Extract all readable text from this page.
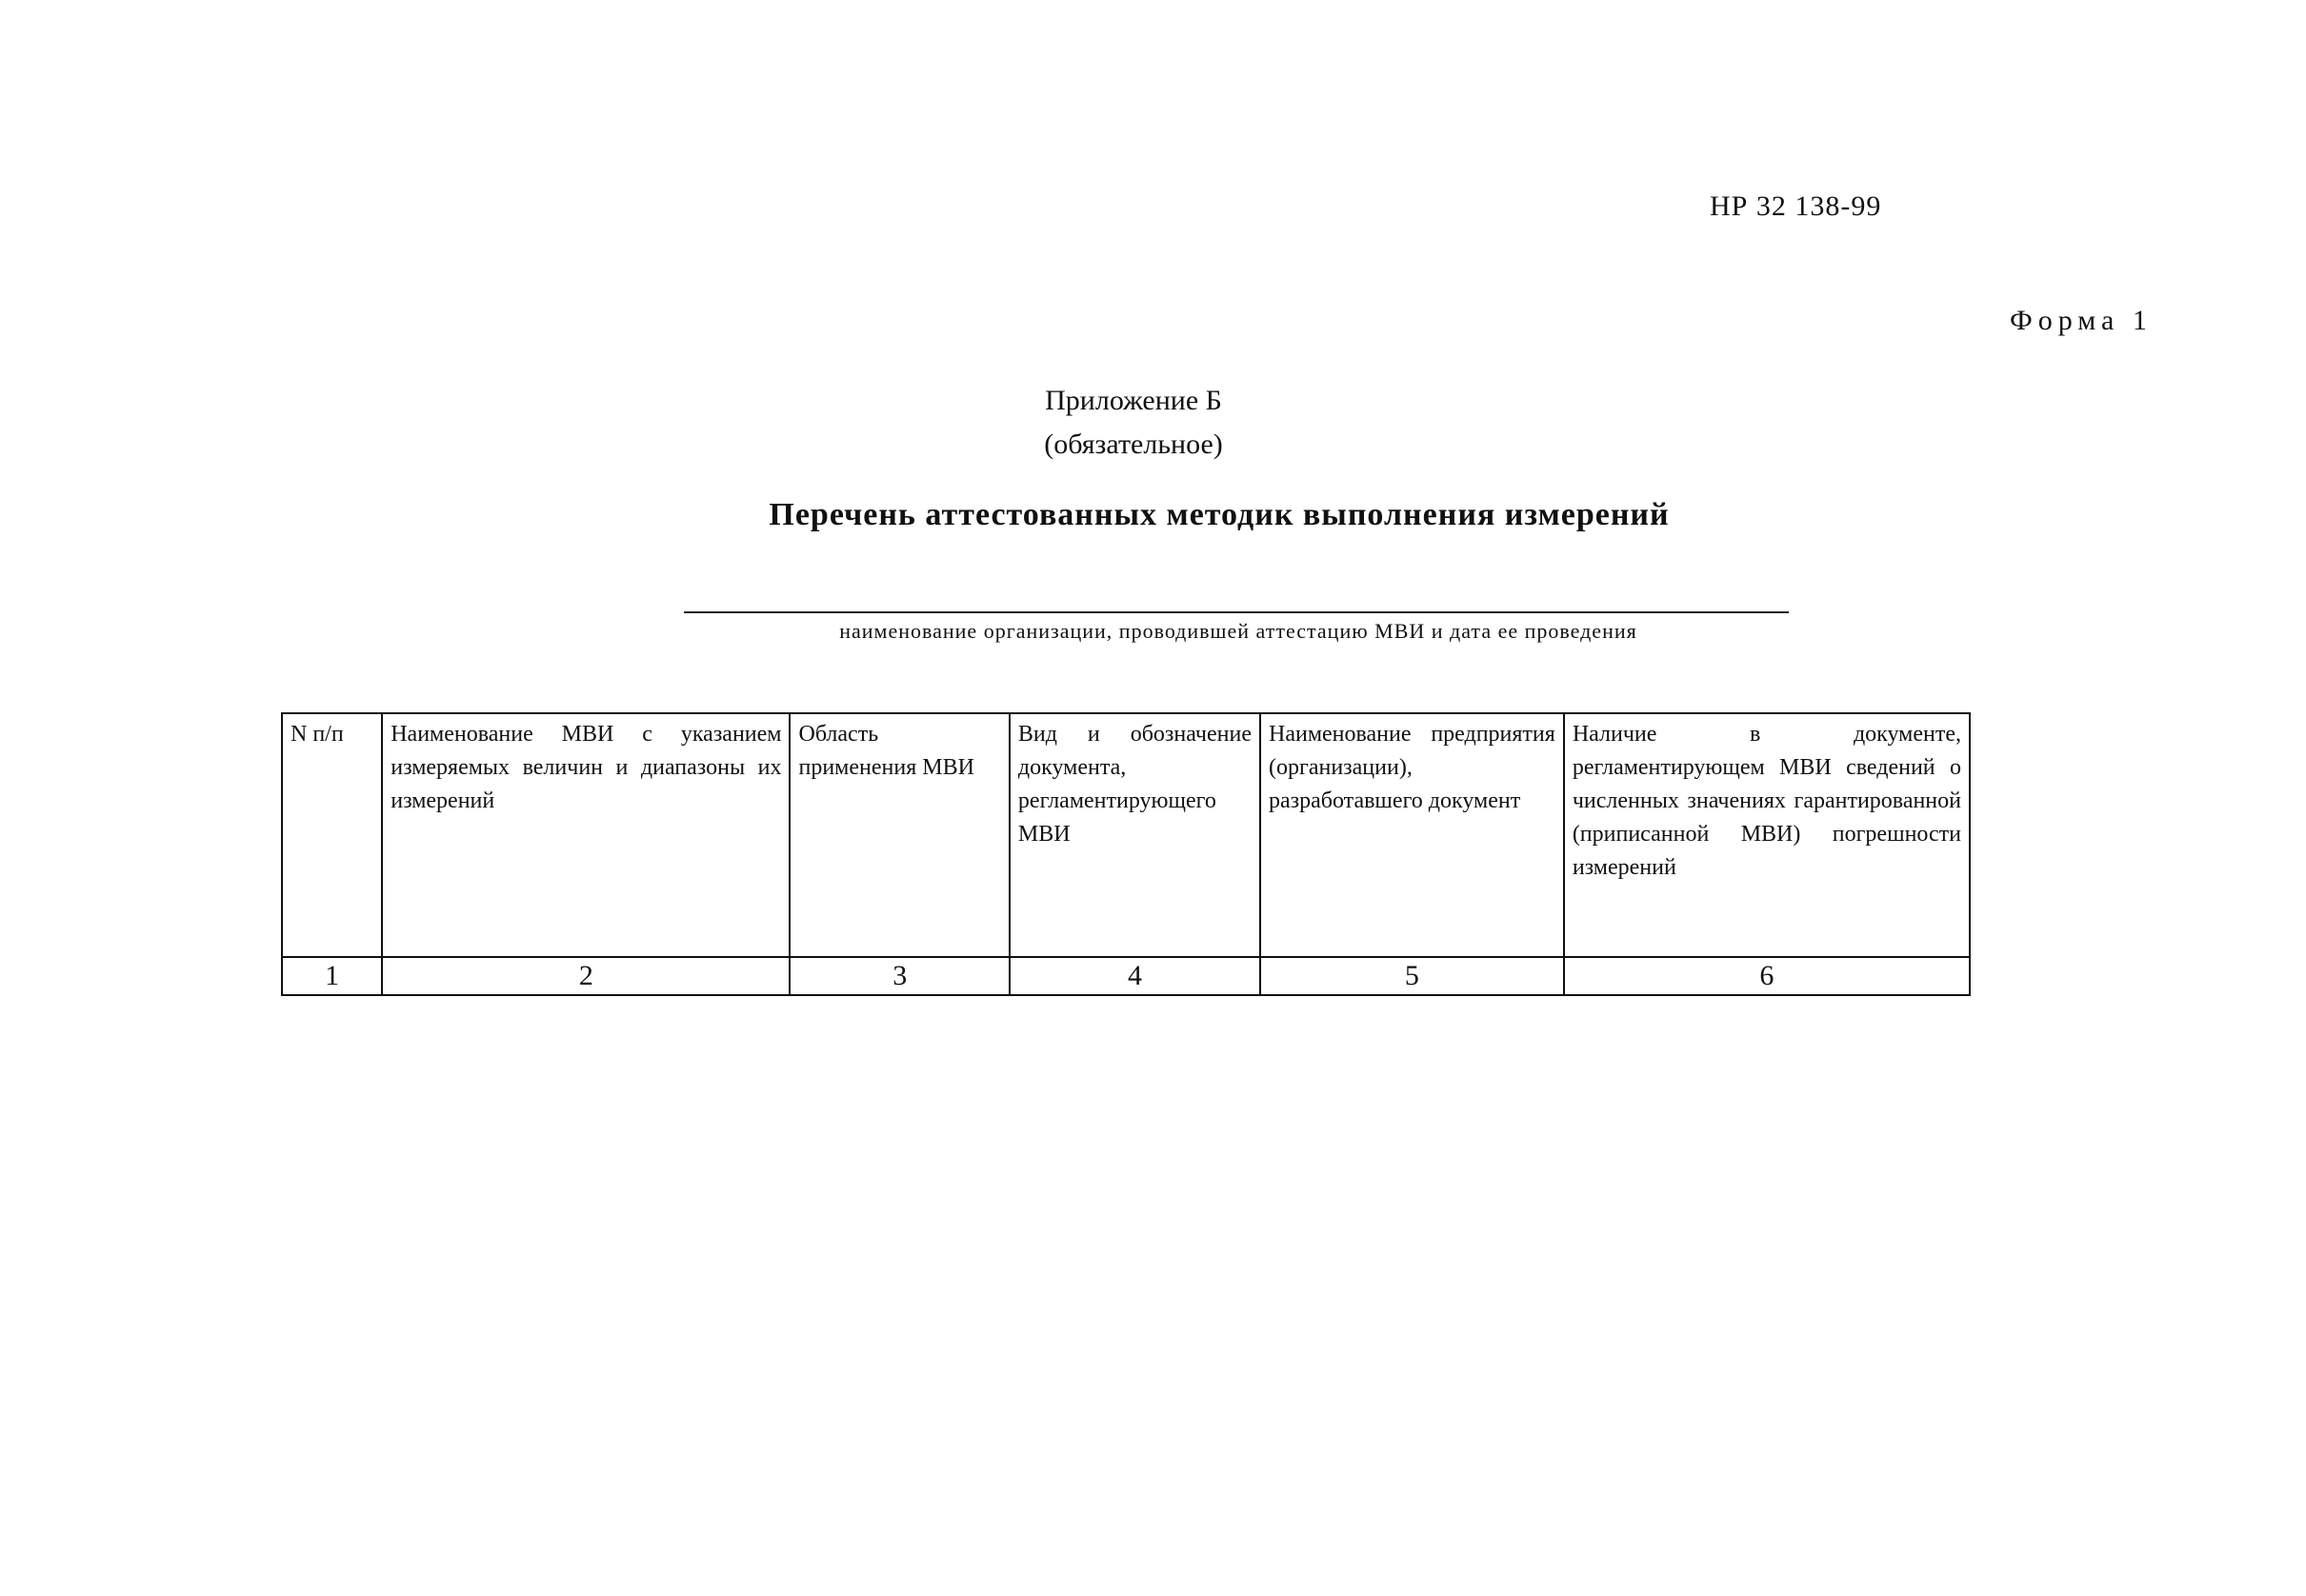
НР 32 138-99
Форма 1
Приложение Б
(обязательное)
Перечень аттестованных методик выполнения измерений
наименование организации, проводившей аттестацию МВИ и дата ее проведения
N п/п	Наименование МВИ с указанием измеряемых величин и диапазоны их измерений	Область применения МВИ	Вид и обозначение документа, регламентирующего МВИ	Наименование предприятия (организации), разработавшего документ	Наличие в документе, регламентирующем МВИ сведений о численных значениях гарантированной (приписанной МВИ) погрешности измерений
1	2	3	4	5	6
